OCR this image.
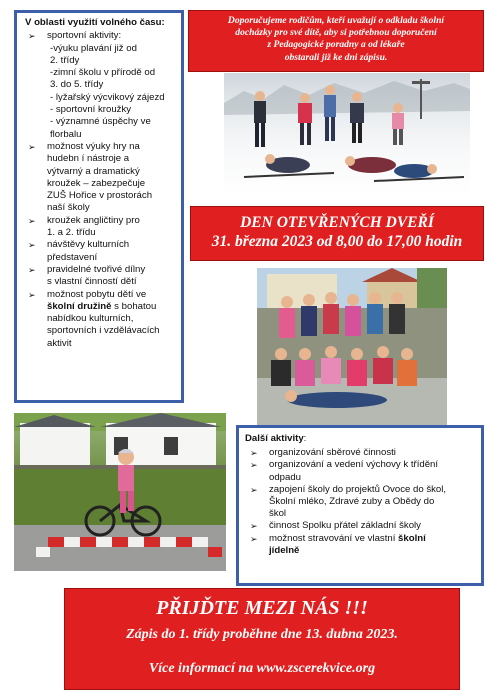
V oblasti využití volného času:
➢ sportovní aktivity:

-výuku plavání již od
2. třídy
-zimní školu v přírodě od
3. do 5. třídy
- lyžařský výcvikový zájezd
- sportovní kroužky
- významné úspěchy ve
florbalu
➢ možnost výuky hry na
hudebn í nástroje a
výtvarný a dramatický
kroužek – zabezpečuje
ZUŠ Hořice v prostorách
naší školy
➢ kroužek angličtiny pro
1. a 2. třídu
➢ návštěvy kulturních
představení
➢ pravidelné tvořivé dílny
s vlastní činností dětí
➢ možnost pobytu dětí ve
školní družině s bohatou
nabídkou kulturních,
sportovních i vzdělávacích
aktivit
Doporučujeme rodičům, kteří uvažují o odkladu školní
docházky pro své dítě, aby si potřebnou doporučení
z Pedagogické poradny a od lékaře
obstarali již ke dni zápisu.
DEN OTEVŘENÝCH DVEŘÍ
31. března 2023 od 8,00 do 17,00 hodin
Další aktivity:
➢ organizování sběrové činnosti
➢ organizování a vedení výchovy k třídění
odpadu
➢ zapojení školy do projektů Ovoce do škol,
Školní mléko, Zdravé zuby a Obědy do
škol
➢ činnost Spolku přátel základní školy
➢ možnost stravování ve vlastní školní
jídelně
PŘIJĎTE MEZI NÁS !!!
Zápis do 1. třídy proběhne dne 13. dubna 2023.
Více informací na www.zscerekvice.org
